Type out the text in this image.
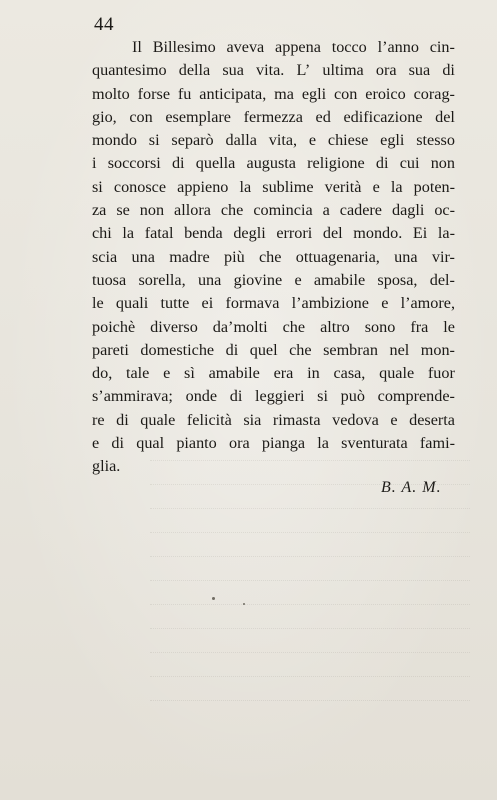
44
Il Billesimo aveva appena tocco l’anno cin-
quantesimo della sua vita. L’ ultima ora sua di
molto forse fu anticipata, ma egli con eroico corag-
gio, con esemplare fermezza ed edificazione del
mondo si separò dalla vita, e chiese egli stesso
i soccorsi di quella augusta religione di cui non
si conosce appieno la sublime verità e la poten-
za se non allora che comincia a cadere dagli oc-
chi la fatal benda degli errori del mondo. Ei la-
scia una madre più che ottuagenaria, una vir-
tuosa sorella, una giovine e amabile sposa, del-
le quali tutte ei formava l’ambizione e l’amore,
poichè diverso da’molti che altro sono fra le
pareti domestiche di quel che sembran nel mon-
do, tale e sì amabile era in casa, quale fuor
s’ammirava; onde di leggieri si può comprende-
re di quale felicità sia rimasta vedova e deserta
e di qual pianto ora pianga la sventurata fami-
glia.
B. A. M.
